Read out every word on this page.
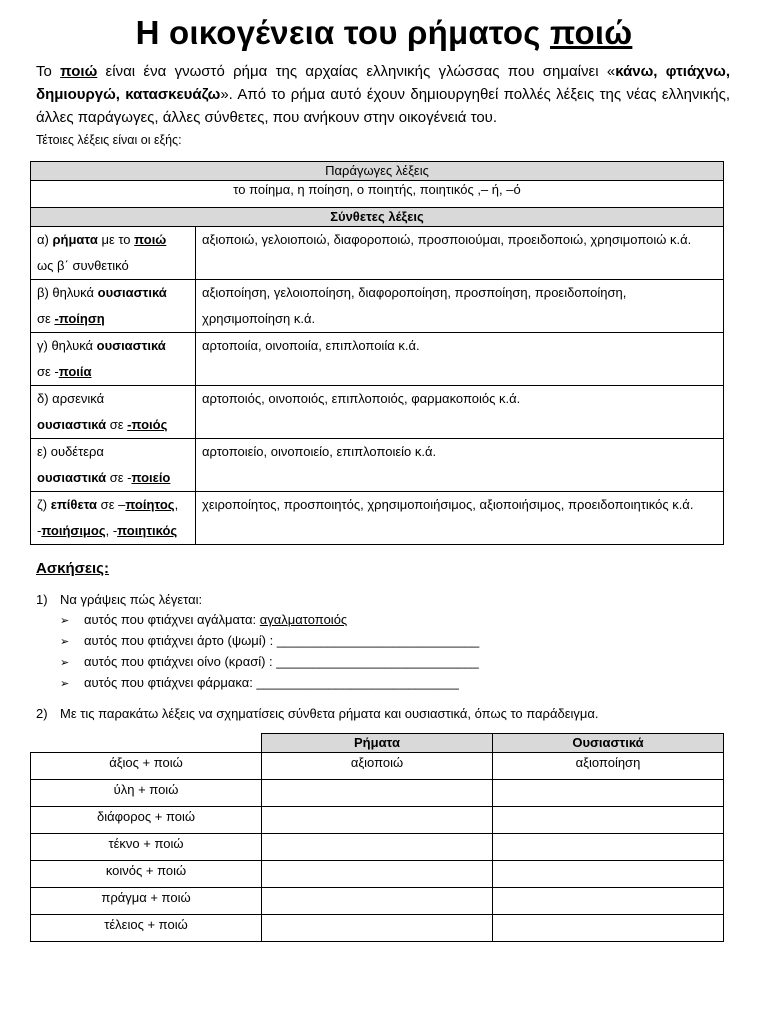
Η οικογένεια του ρήματος ποιώ
Το ποιώ είναι ένα γνωστό ρήμα της αρχαίας ελληνικής γλώσσας που σημαίνει «κάνω, φτιάχνω, δημιουργώ, κατασκευάζω». Από το ρήμα αυτό έχουν δημιουργηθεί πολλές λέξεις της νέας ελληνικής, άλλες παράγωγες, άλλες σύνθετες, που ανήκουν στην οικογένειά του.
Τέτοιες λέξεις είναι οι εξής:
Παράγωγες λέξεις	
το ποίημα, η ποίηση, ο ποιητής, ποιητικός ,– ή, –ό	
Σύνθετες λέξεις	
α) ρήματα με το ποιώ
ως β΄ συνθετικό	αξιοποιώ, γελοιοποιώ, διαφοροποιώ, προσποιούμαι, προειδοποιώ, χρησιμοποιώ κ.ά.
β) θηλυκά ουσιαστικά
σε -ποίηση	αξιοποίηση, γελοιοποίηση, διαφοροποίηση, προσποίηση, προειδοποίηση, χρησιμοποίηση κ.ά.
γ) θηλυκά ουσιαστικά
σε -ποιία	αρτοποιία, οινοποιία, επιπλοποιία κ.ά.
δ) αρσενικά
ουσιαστικά σε -ποιός	αρτοποιός, οινοποιός, επιπλοποιός, φαρμακοποιός κ.ά.
ε) ουδέτερα
ουσιαστικά σε -ποιείο	αρτοποιείο, οινοποιείο, επιπλοποιείο κ.ά.
ζ) επίθετα σε –ποίητος,
-ποιήσιμος, -ποιητικός	χειροποίητος, προσποιητός, χρησιμοποιήσιμος, αξιοποιήσιμος, προειδοποιητικός κ.ά.
Ασκήσεις:
1) Να γράψεις πώς λέγεται:
➢ αυτός που φτιάχνει αγάλματα: αγαλματοποιός
➢ αυτός που φτιάχνει άρτο (ψωμί) : ____________________________
➢ αυτός που φτιάχνει οίνο (κρασί) : ____________________________
➢ αυτός που φτιάχνει φάρμακα: ____________________________
2) Με τις παρακάτω λέξεις να σχηματίσεις σύνθετα ρήματα και ουσιαστικά, όπως το παράδειγμα.
	Ρήματα	Ουσιαστικά
άξιος + ποιώ	αξιοποιώ	αξιοποίηση
ύλη + ποιώ		
διάφορος + ποιώ		
τέκνο + ποιώ		
κοινός + ποιώ		
πράγμα + ποιώ		
τέλειος + ποιώ		
